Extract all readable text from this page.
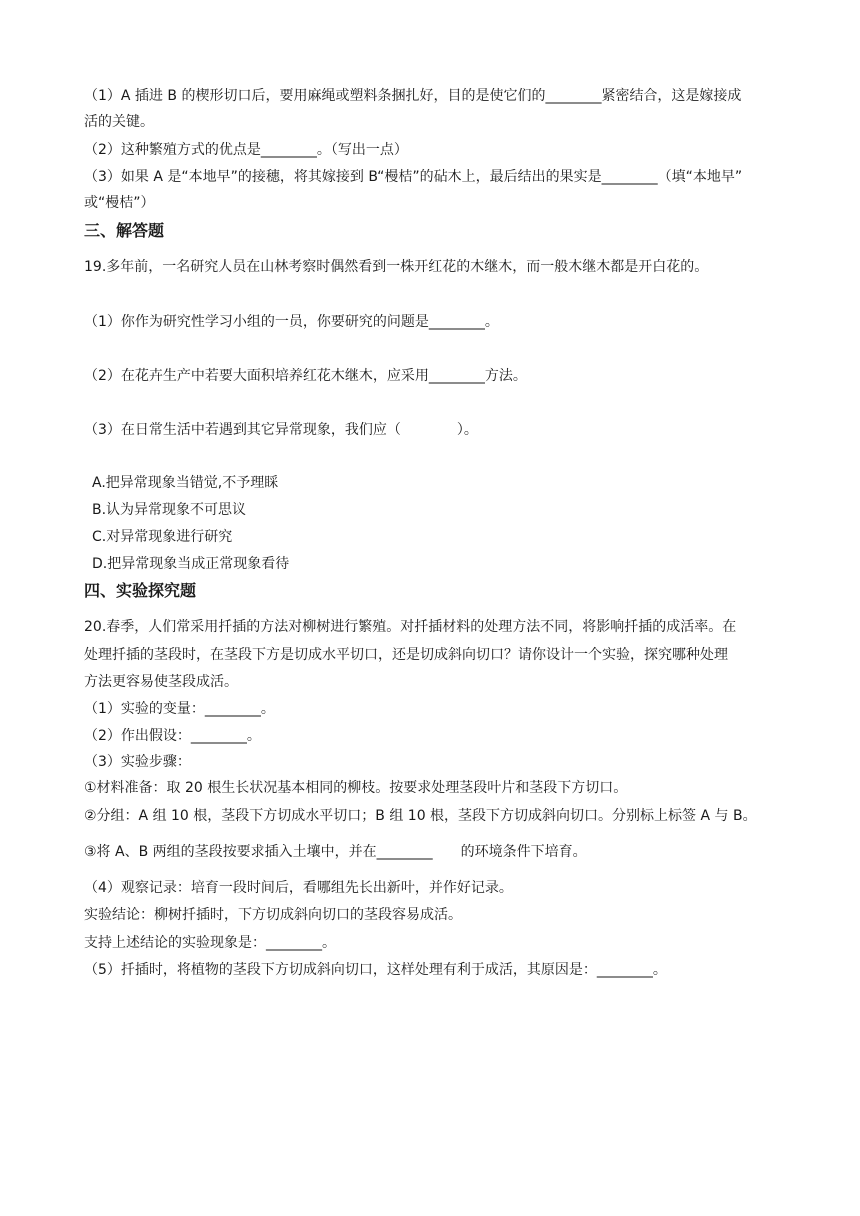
（1）A 插进 B 的楔形切口后，要用麻绳或塑料条捆扎好，目的是使它们的________紧密结合，这是嫁接成
活的关键。
（2）这种繁殖方式的优点是________。（写出一点）
（3）如果 A 是“本地早”的接穗，将其嫁接到 B“槾桔”的砧木上，最后结出的果实是________（填“本地早”
或“槾桔”）
三、解答题
19.多年前，一名研究人员在山林考察时偶然看到一株开红花的木继木，而一般木继木都是开白花的。
（1）你作为研究性学习小组的一员，你要研究的问题是________。
（2）在花卉生产中若要大面积培养红花木继木，应采用________方法。
（3）在日常生活中若遇到其它异常现象，我们应（　　　　）。
A.把异常现象当错觉,不予理睬
B.认为异常现象不可思议
C.对异常现象进行研究
D.把异常现象当成正常现象看待
四、实验探究题
20.春季，人们常采用扦插的方法对柳树进行繁殖。对扦插材料的处理方法不同，将影响扦插的成活率。在
处理扦插的茎段时，在茎段下方是切成水平切口，还是切成斜向切口？请你设计一个实验，探究哪种处理
方法更容易使茎段成活。
（1）实验的变量：________。
（2）作出假设：________。
（3）实验步骤：
①材料准备：取 20 根生长状况基本相同的柳枝。按要求处理茎段叶片和茎段下方切口。
②分组：A 组 10 根，茎段下方切成水平切口；B 组 10 根，茎段下方切成斜向切口。分别标上标签 A 与 B。
③将 A、B 两组的茎段按要求插入土壤中，并在________　　的环境条件下培育。
（4）观察记录：培育一段时间后，看哪组先长出新叶，并作好记录。
实验结论：柳树扦插时，下方切成斜向切口的茎段容易成活。
支持上述结论的实验现象是：________。
（5）扦插时，将植物的茎段下方切成斜向切口，这样处理有利于成活，其原因是：________。
